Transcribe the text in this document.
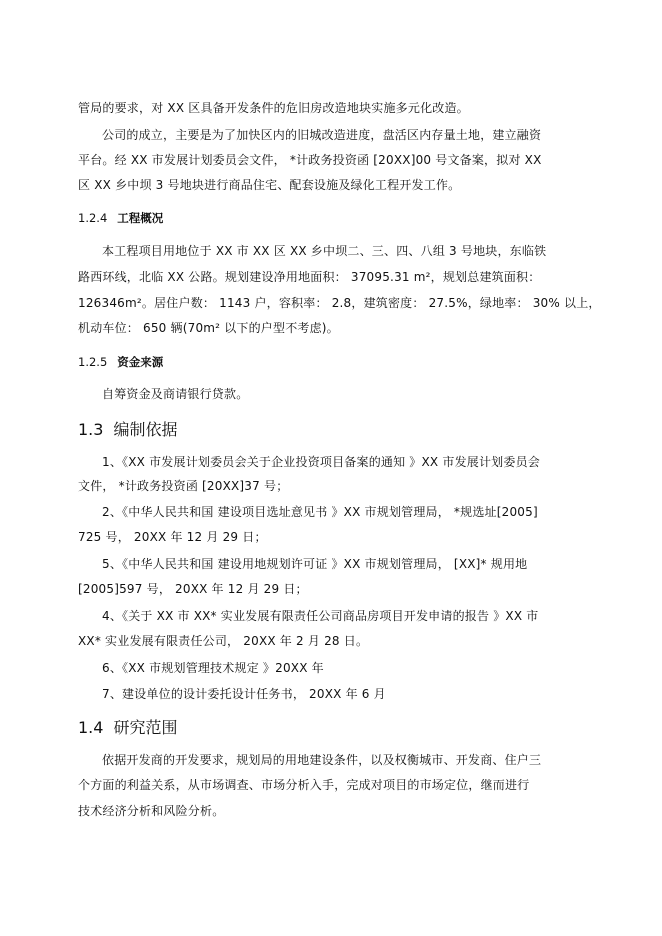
管局的要求，对 XX 区具备开发条件的危旧房改造地块实施多元化改造。
公司的成立，主要是为了加快区内的旧城改造进度，盘活区内存量土地，建立融资
平台。经 XX 市发展计划委员会文件， *计政务投资函 [20XX]00 号文备案，拟对 XX
区 XX 乡中坝 3 号地块进行商品住宅、配套设施及绿化工程开发工作。
1.2.4 工程概况
本工程项目用地位于 XX 市 XX 区 XX 乡中坝二、三、四、八组 3 号地块，东临铁
路西环线，北临 XX 公路。规划建设净用地面积： 37095.31 m²，规划总建筑面积：
126346m²。居住户数： 1143 户，容积率： 2.8，建筑密度： 27.5%，绿地率： 30% 以上，
机动车位： 650 辆(70m² 以下的户型不考虑)。
1.2.5 资金来源
自筹资金及商请银行贷款。
1.3 编制依据
1、《XX 市发展计划委员会关于企业投资项目备案的通知 》XX 市发展计划委员会
文件， *计政务投资函 [20XX]37 号；
2、《中华人民共和国 建设项目选址意见书 》XX 市规划管理局， *规选址[2005]
725 号， 20XX 年 12 月 29 日；
5、《中华人民共和国 建设用地规划许可证 》XX 市规划管理局， [XX]* 规用地
[2005]597 号， 20XX 年 12 月 29 日；
4、《关于 XX 市 XX* 实业发展有限责任公司商品房项目开发申请的报告 》XX 市
XX* 实业发展有限责任公司， 20XX 年 2 月 28 日。
6、《XX 市规划管理技术规定 》20XX 年
7、建设单位的设计委托设计任务书， 20XX 年 6 月
1.4 研究范围
依据开发商的开发要求，规划局的用地建设条件，以及权衡城市、开发商、住户三
个方面的利益关系，从市场调查、市场分析入手，完成对项目的市场定位，继而进行
技术经济分析和风险分析。
